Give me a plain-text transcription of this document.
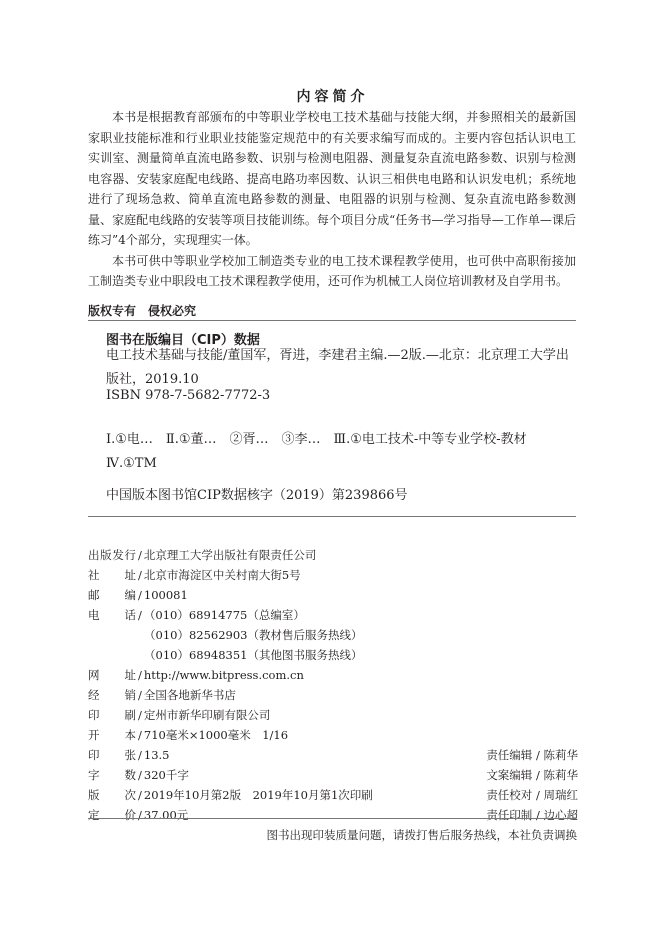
内容简介

本书是根据教育部颁布的中等职业学校电工技术基础与技能大纲，并参照相关的最新国家职业技能标准和行业职业技能鉴定规范中的有关要求编写而成的。主要内容包括认识电工实训室、测量简单直流电路参数、识别与检测电阻器、测量复杂直流电路参数、识别与检测电容器、安装家庭配电线路、提高电路功率因数、认识三相供电电路和认识发电机；系统地进行了现场急救、简单直流电路参数的测量、电阻器的识别与检测、复杂直流电路参数测量、家庭配电线路的安装等项目技能训练。每个项目分成“任务书—学习指导—工作单—课后练习”4个部分，实现理实一体。

本书可供中等职业学校加工制造类专业的电工技术课程教学使用，也可供中高职衔接加工制造类专业中职段电工技术课程教学使用，还可作为机械工人岗位培训教材及自学用书。

版权专有　侵权必究
图书在版编目（CIP）数据
电工技术基础与技能/董国军，胥进，李建君主编.—2版.—北京：北京理工大学出版社，2019.10
ISBN 978-7-5682-7772-3
Ⅰ.①电…　Ⅱ.①董…　②胥…　③李…　Ⅲ.①电工技术-中等专业学校-教材
Ⅳ.①TM
中国版本图书馆CIP数据核字（2019）第239866号
出版发行 / 北京理工大学出版社有限责任公司
社　址 / 北京市海淀区中关村南大街5号
邮　编 / 100081
电　话 / （010）68914775（总编室）
（010）82562903（教材售后服务热线）
（010）68948351（其他图书服务热线）
网　址 / http://www.bitpress.com.cn
经　销 / 全国各地新华书店
印　刷 / 定州市新华印刷有限公司
开　本 / 710毫米×1000毫米　1/16
印　张 / 13.5
字　数 / 320千字
版　次 / 2019年10月第2版　2019年10月第1次印刷
定　价 / 37.00元
责任编辑 / 陈莉华
文案编辑 / 陈莉华
责任校对 / 周瑞红
责任印制 / 边心超
图书出现印装质量问题，请拨打售后服务热线，本社负责调换
